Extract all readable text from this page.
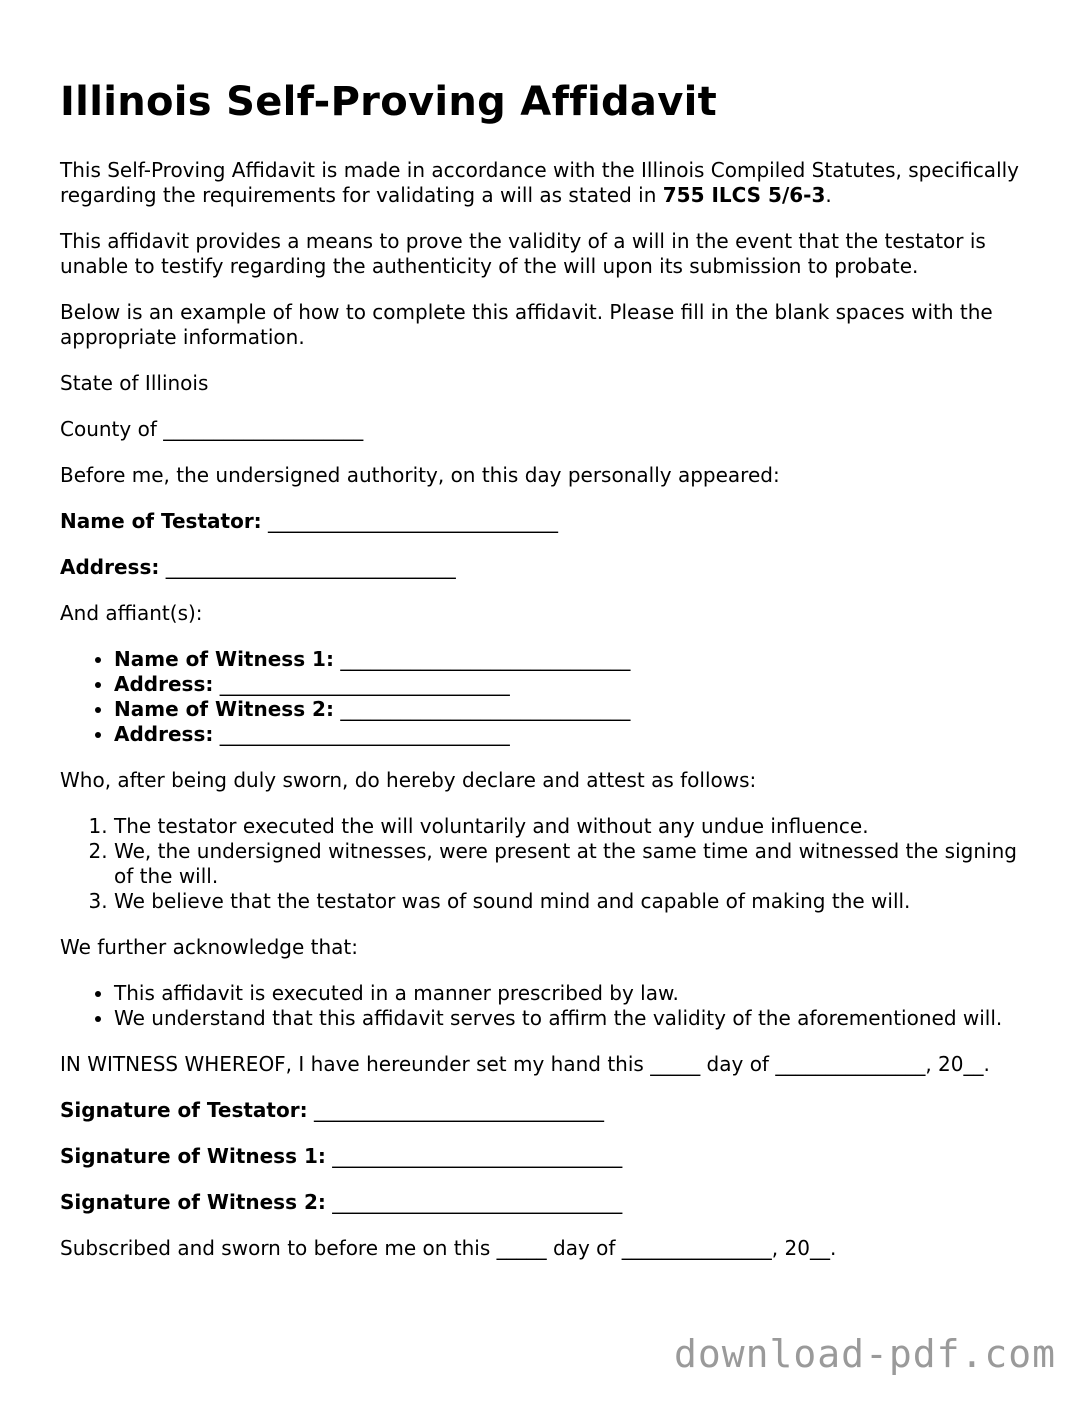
Illinois Self-Proving Affidavit

This Self-Proving Affidavit is made in accordance with the Illinois Compiled Statutes, specifically regarding the requirements for validating a will as stated in 755 ILCS 5/6-3.

This affidavit provides a means to prove the validity of a will in the event that the testator is unable to testify regarding the authenticity of the will upon its submission to probate.

Below is an example of how to complete this affidavit. Please fill in the blank spaces with the appropriate information.

State of Illinois

County of ____________________

Before me, the undersigned authority, on this day personally appeared:

Name of Testator: _____________________________

Address: _____________________________

And affiant(s):

• Name of Witness 1: _____________________________
• Address: _____________________________
• Name of Witness 2: _____________________________
• Address: _____________________________

Who, after being duly sworn, do hereby declare and attest as follows:

1. The testator executed the will voluntarily and without any undue influence.
2. We, the undersigned witnesses, were present at the same time and witnessed the signing of the will.
3. We believe that the testator was of sound mind and capable of making the will.

We further acknowledge that:

• This affidavit is executed in a manner prescribed by law.
• We understand that this affidavit serves to affirm the validity of the aforementioned will.

IN WITNESS WHEREOF, I have hereunder set my hand this _____ day of _______________, 20__.

Signature of Testator: _____________________________

Signature of Witness 1: _____________________________

Signature of Witness 2: _____________________________

Subscribed and sworn to before me on this _____ day of _______________, 20__.

download-pdf.com
